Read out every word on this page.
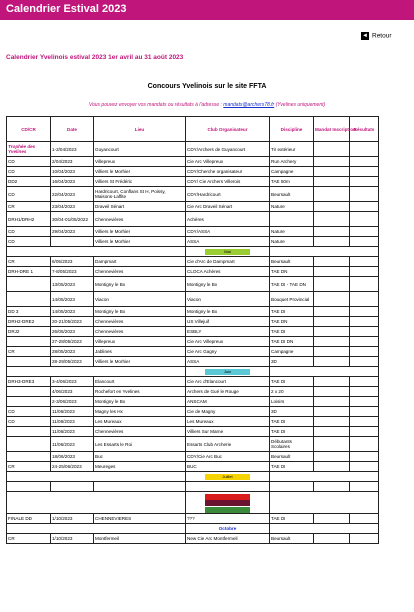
Calendrier Estival 2023
◄ Retour
Calendrier Yvelinois estival 2023 1er avril au 31 août 2023
Concours Yvelinois sur le site FFTA
Vous pouvez envoyer vos mandats ou résultats à l'adresse : mandats@archers78.fr (Yvelines uniquement)
CD/CR	Date	Lieu	Club Organisateur	Discipline	Mandat Inscription	Résultats
Trophée des Yvelines	1-2/04/2023	Guyancourt	CDY/Archers de Guyancourt	Tir extérieur		
CD	2/04/2023	Villepreux	Cie Arc Villepreux	Run Archery		
CD	10/04/2023	Villiers le Morhier	CDY/Cherche organisateur	Campagne		
DD2	16/04/2023	Villiers St Frédéric	CDY/ Cie Archers Villerois	TAE 50m		
CD	22/04/2023	Hardricourt, Conflans St H, Poissy, Maisons-Laffite	CDY/Hardricourt	Beursault		
CR	23/04/2023	Draveil Sénart	Cie Arc Draveil Sénart	Nature		
DRH1/DRH2	30/04-01/05/2022	Chennevières	Achères			
CD	29/04/2023	Villiers le Morhier	CDY/ASSA	Nature		
CD		Villiers le Morhier	ASSA	Nature		

			Mai			

CR	6/05/2023	Dampmart	Cie d'Arc de Dampmart	Beursault		
DRH-DRE 1	7-8/05/2023	Chennevières	CLOCA Achères	TAE DN		
	13/05/2023	Montigny le Bx	Montigny le Bx	TAE DI - TAE DN		
	14/05/2023	Viacon	Viacon	Bouquet Provincial		
DD 3	14/05/2023	Montigny le Bx	Montigny le Bx	TAE DI		
DRH2-DRE2	20-21/05/2023	Chennevières	US Villejuif	TAE DN		
DRJ2	26/05/2023	Chennevières	ESBLY	TAE DI		
	27-28/05/2023	Villepreux	Cie Arc Villepreux	TAE DI DN		
CR	28/05/2023	Jablines	Cie Arc Gagny	Campagne		
	28-29/05/2023	Villiers le Morhier	ASSA	3D		

			Juin			

DRH3-DRE3	3-4/06/2023	Elancourt	Cie Arc d'Elancourt	TAE DI		
	4/06/2023	Rochefort en Yvelines	Archers de Gué le Rouge	2 x 20		
	2-3/06/2023	Montigny le Bx	ANSCAM	Loisirs		
CD	11/06/2023	Magny les Hx	Cie de Magny	3D		
CD	11/06/2023	Les Mureaux	Les Mureaux	TAE DI		
	11/06/2023	Chennevières	Villiers Sur Marne	TAE DI		
	11/06/2023	Les Essarts le Roi	Essarts Club Archerie	Débutants Scolaires		
	18/06/2023	Buc	CDY/Cie Arc Buc	Beursault		
CR	24-25/06/2023	Meureges	BUC	TAE DI		

			Juillet			

FINALE DD	1/10/2023	CHENNEVIERES	???	TAE DI		
			Octobre			
CR	1/10/2023	Montfermeil	New Cie Arc Montfermeil	Beursault		
